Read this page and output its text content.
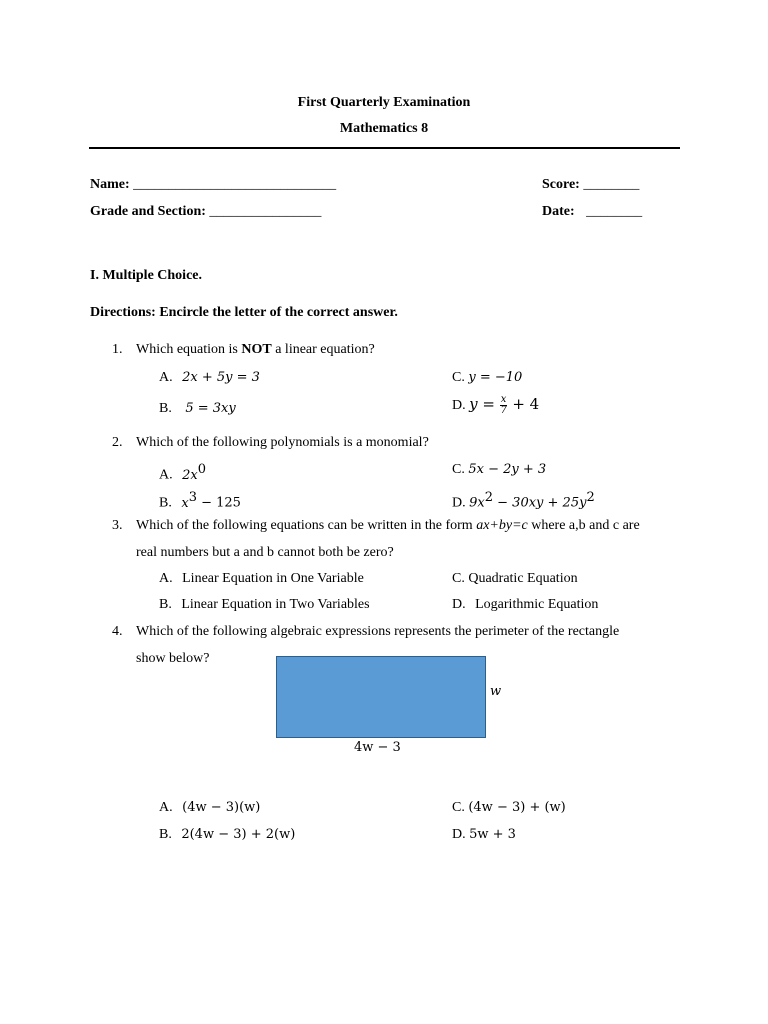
First Quarterly Examination
Mathematics 8
Name: _____________________________	Score: ________
Grade and Section: ________________	Date: ________
I. Multiple Choice.
Directions: Encircle the letter of the correct answer.
1. Which equation is NOT a linear equation?
A. 2x + 5y = 3
B. 5 = 3xy
C. y = −10
D. $y = \frac{x}{7} + 4$
2. Which of the following polynomials is a monomial?
A. $2x^0$
B. $x^3 - 125$
C. 5x − 2y + 3
D. $9x^2 - 30xy + 25y^2$
3. Which of the following equations can be written in the form ax+by=c where a,b and c are
real numbers but a and b cannot both be zero?
A. Linear Equation in One Variable
B. Linear Equation in Two Variables
C. Quadratic Equation
D. Logarithmic Equation
4. Which of the following algebraic expressions represents the perimeter of the rectangle
show below?
w
4w − 3
A. (4w − 3)(w)
B. 2(4w − 3) + 2(w)
C. (4w − 3) + (w)
D. 5w + 3
